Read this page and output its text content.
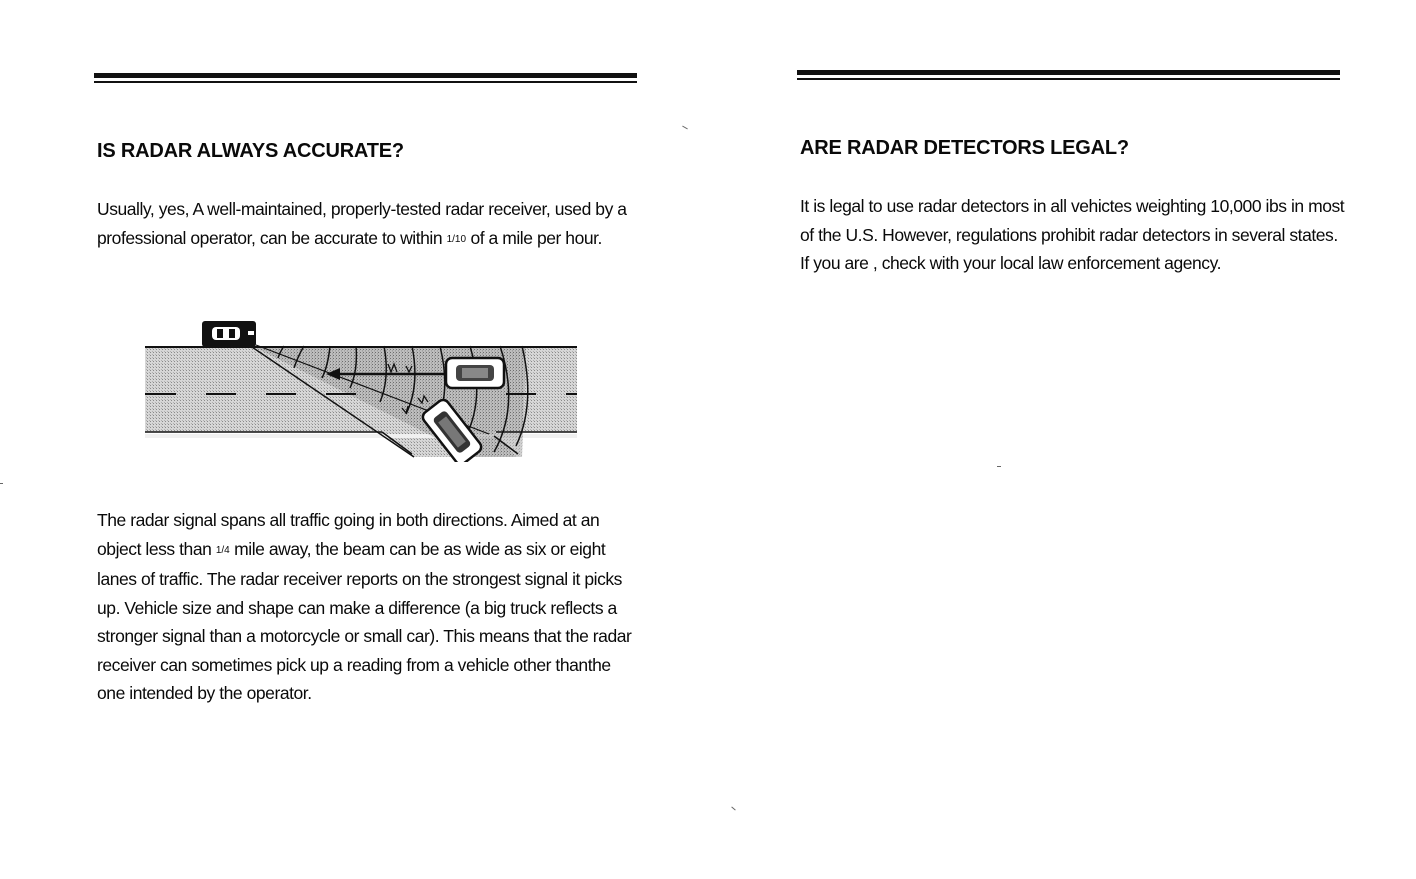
IS RADAR ALWAYS ACCURATE?

Usually, yes, A well-maintained, properly-tested radar receiver, used by a professional operator, can be accurate to within 1/10 of a mile per hour.

The radar signal spans all traffic going in both directions. Aimed at an object less than 1/4 mile away, the beam can be as wide as six or eight lanes of traffic. The radar receiver reports on the strongest signal it picks up. Vehicle size and shape can make a difference (a big truck reflects a stronger signal than a motorcycle or small car). This means that the radar receiver can sometimes pick up a reading from a vehicle other thanthe one intended by the operator.

ARE RADAR DETECTORS LEGAL?

It is legal to use radar detectors in all vehictes weighting 10,000 ibs in most of the U.S. However, regulations prohibit radar detectors in several states. If you are , check with your local law enforcement agency.
